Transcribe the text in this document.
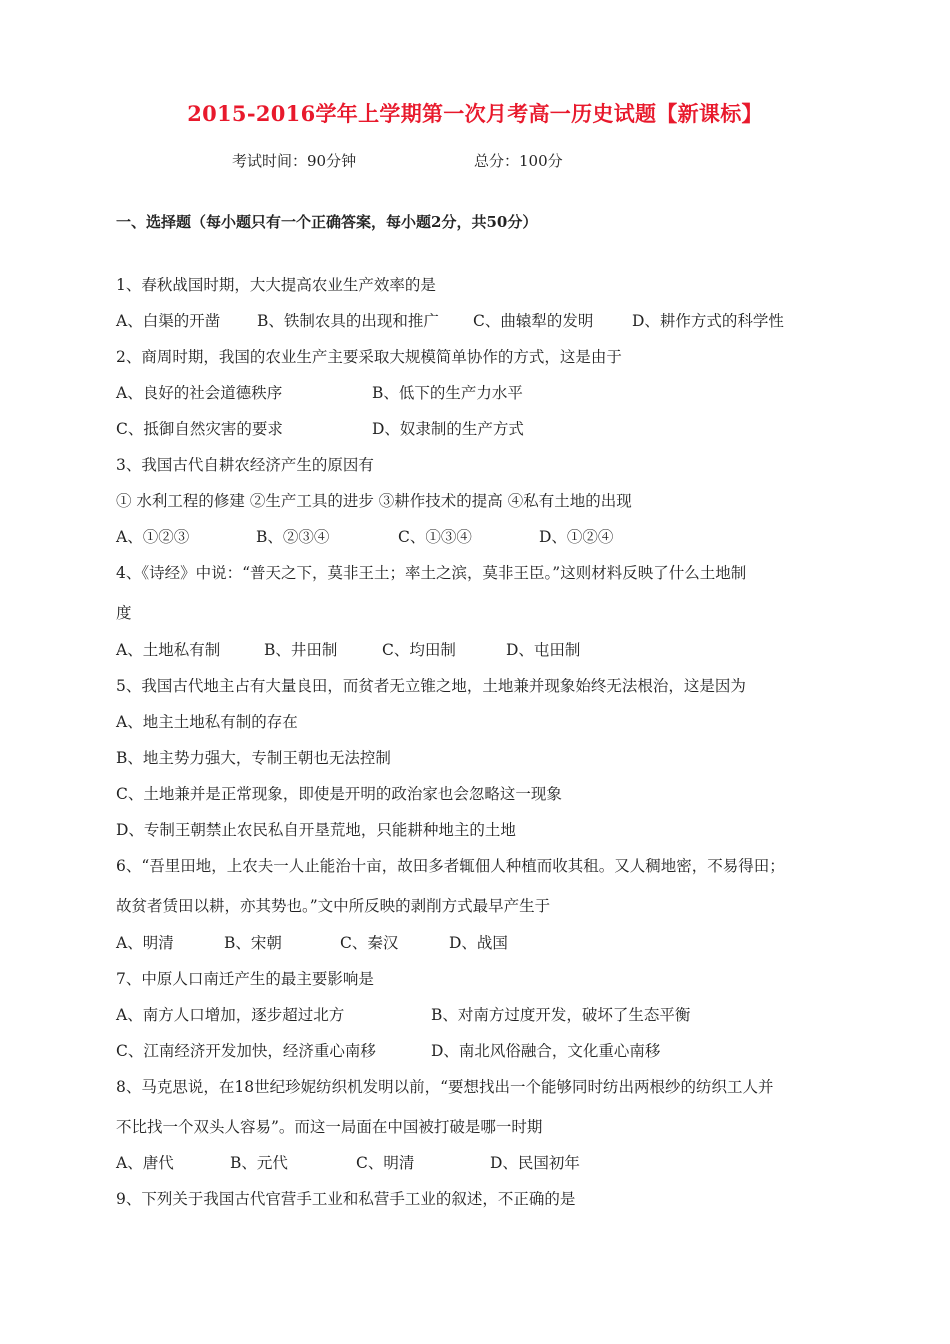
2015-2016学年上学期第一次月考高一历史试题【新课标】
考试时间：90分钟	总分：100分
一、选择题（每小题只有一个正确答案，每小题2分，共50分）
1、春秋战国时期，大大提高农业生产效率的是
A、白渠的开凿 B、铁制农具的出现和推广 C、曲辕犁的发明 D、耕作方式的科学性
2、商周时期，我国的农业生产主要采取大规模简单协作的方式，这是由于
A、良好的社会道德秩序	B、低下的生产力水平
C、抵御自然灾害的要求	D、奴隶制的生产方式
3、我国古代自耕农经济产生的原因有
① 水利工程的修建 ②生产工具的进步 ③耕作技术的提高 ④私有土地的出现
A、①②③	B、②③④	C、①③④	D、①②④
4、《诗经》中说：“普天之下，莫非王土；率土之滨，莫非王臣。”这则材料反映了什么土地制
度
A、土地私有制	B、井田制	C、均田制	D、屯田制
5、我国古代地主占有大量良田，而贫者无立锥之地，土地兼并现象始终无法根治，这是因为
A、地主土地私有制的存在
B、地主势力强大，专制王朝也无法控制
C、土地兼并是正常现象，即使是开明的政治家也会忽略这一现象
D、专制王朝禁止农民私自开垦荒地，只能耕种地主的土地
6、“吾里田地，上农夫一人止能治十亩，故田多者辄佃人种植而收其租。又人稠地密，不易得田；
故贫者赁田以耕，亦其势也。”文中所反映的剥削方式最早产生于
A、明清	B、宋朝	C、秦汉	D、战国
7、中原人口南迁产生的最主要影响是
A、南方人口增加，逐步超过北方	B、对南方过度开发，破坏了生态平衡
C、江南经济开发加快，经济重心南移	D、南北风俗融合，文化重心南移
8、马克思说，在18世纪珍妮纺织机发明以前，“要想找出一个能够同时纺出两根纱的纺织工人并
不比找一个双头人容易”。而这一局面在中国被打破是哪一时期
A、唐代	B、元代	C、明清	D、民国初年
9、下列关于我国古代官营手工业和私营手工业的叙述，不正确的是
